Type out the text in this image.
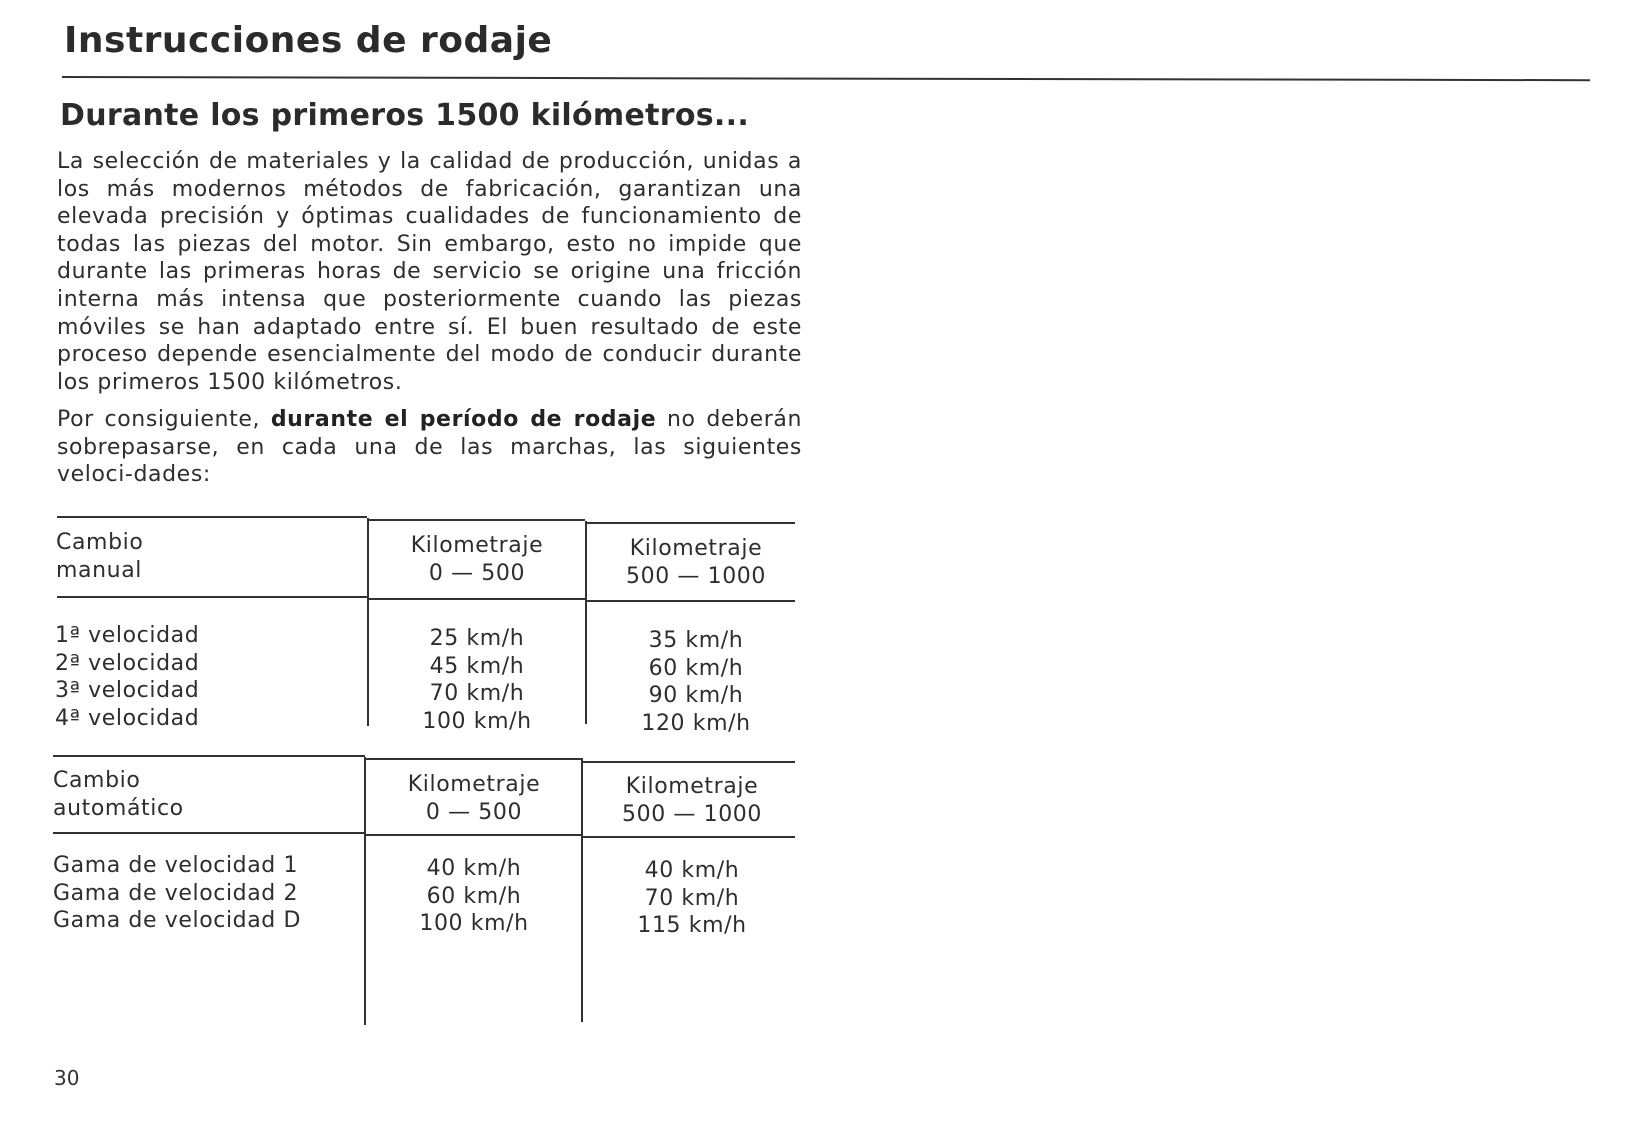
Instrucciones de rodaje
Durante los primeros 1500 kilómetros...

La selección de materiales y la calidad de producción, unidas a los más modernos métodos de fabricación, garantizan una elevada precisión y óptimas cualidades de funcionamiento de todas las piezas del motor. Sin embargo, esto no impide que durante las primeras horas de servicio se origine una fricción interna más intensa que posteriormente cuando las piezas móviles se han adaptado entre sí. El buen resultado de este proceso depende esencialmente del modo de conducir durante los primeros 1500 kilómetros.

Por consiguiente, durante el período de rodaje no deberán sobrepasarse, en cada una de las marchas, las siguientes veloci-dades:

Cambio
manual
Kilometraje
0 — 500
Kilometraje
500 — 1000
1ª velocidad
2ª velocidad
3ª velocidad
4ª velocidad
25 km/h
45 km/h
70 km/h
100 km/h
35 km/h
60 km/h
90 km/h
120 km/h
Cambio
automático
Kilometraje
0 — 500
Kilometraje
500 — 1000
Gama de velocidad 1
Gama de velocidad 2
Gama de velocidad D
40 km/h
60 km/h
100 km/h
40 km/h
70 km/h
115 km/h

30
